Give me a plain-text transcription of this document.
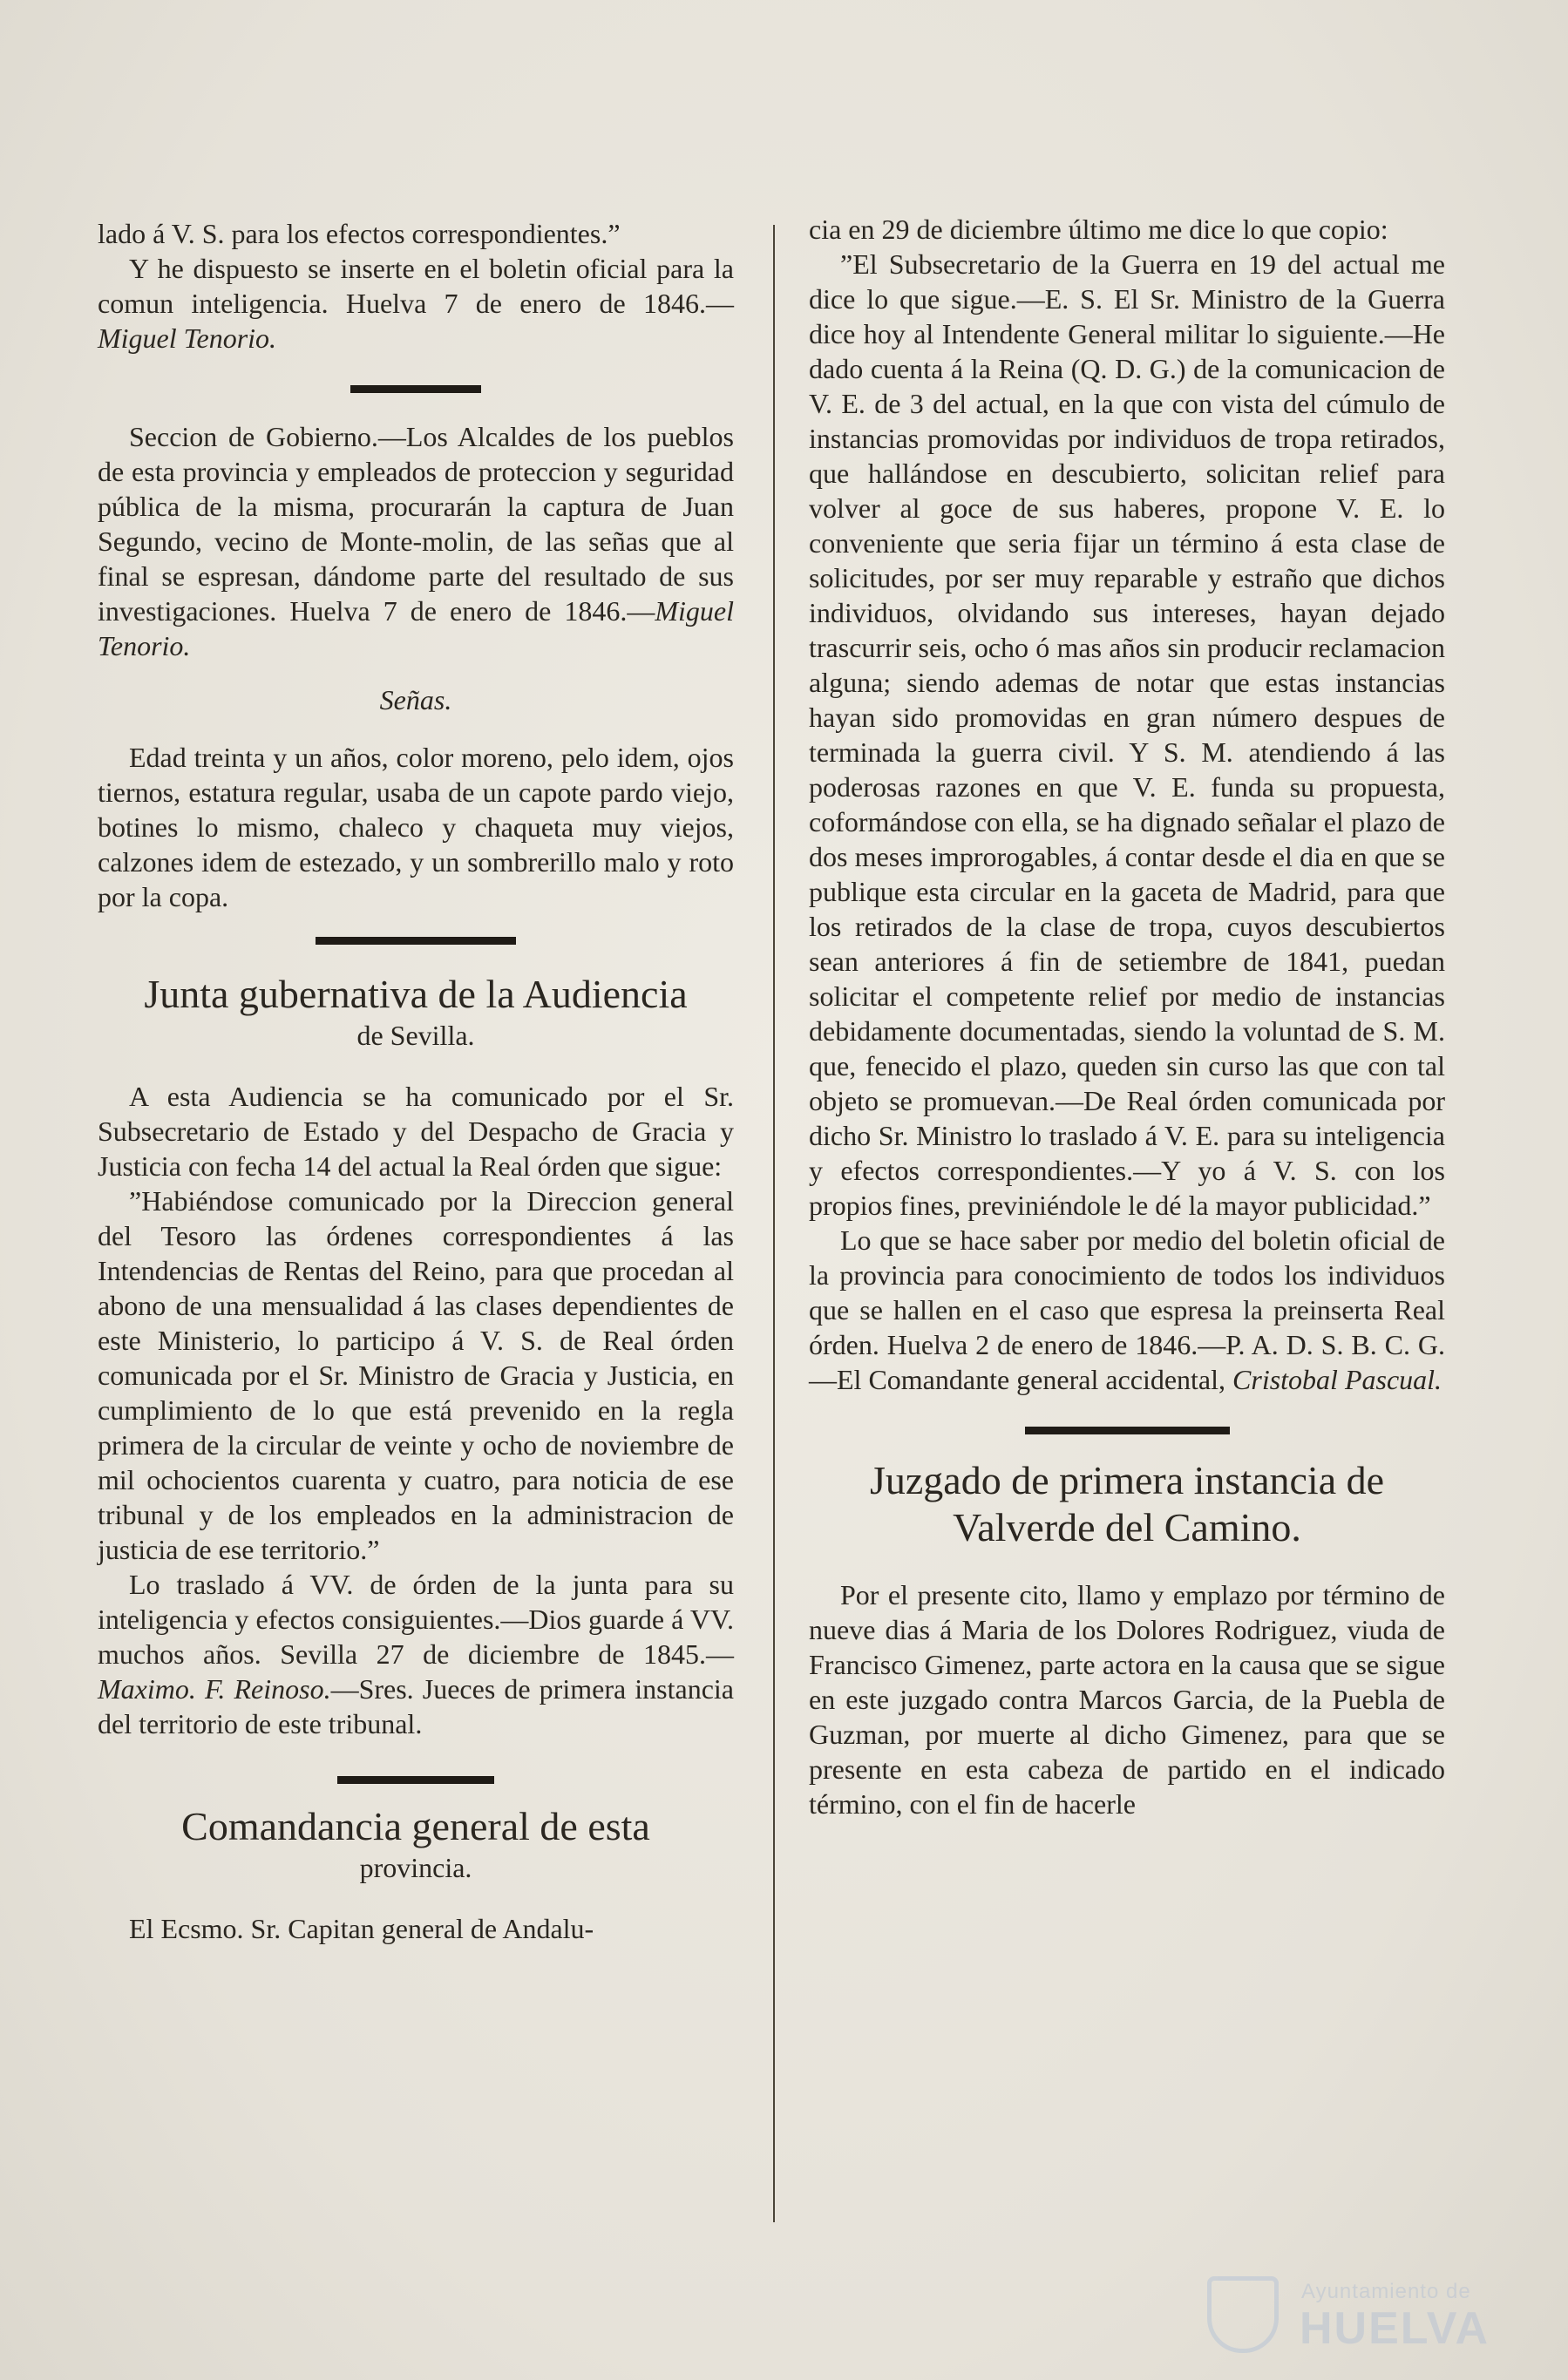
lado á V. S. para los efectos correspondientes.”

Y he dispuesto se inserte en el boletin oficial para la comun inteligencia. Huelva 7 de enero de 1846.—Miguel Tenorio.

Seccion de Gobierno.—Los Alcaldes de los pueblos de esta provincia y empleados de proteccion y seguridad pública de la misma, procurarán la captura de Juan Segundo, vecino de Monte-molin, de las señas que al final se espresan, dándome parte del resultado de sus investigaciones. Huelva 7 de enero de 1846.—Miguel Tenorio.

Señas.

Edad treinta y un años, color moreno, pelo idem, ojos tiernos, estatura regular, usaba de un capote pardo viejo, botines lo mismo, chaleco y chaqueta muy viejos, calzones idem de estezado, y un sombrerillo malo y roto por la copa.

Junta gubernativa de la Audiencia

de Sevilla.

A esta Audiencia se ha comunicado por el Sr. Subsecretario de Estado y del Despacho de Gracia y Justicia con fecha 14 del actual la Real órden que sigue:

”Habiéndose comunicado por la Direccion general del Tesoro las órdenes correspondientes á las Intendencias de Rentas del Reino, para que procedan al abono de una mensualidad á las clases dependientes de este Ministerio, lo participo á V. S. de Real órden comunicada por el Sr. Ministro de Gracia y Justicia, en cumplimiento de lo que está prevenido en la regla primera de la circular de veinte y ocho de noviembre de mil ochocientos cuarenta y cuatro, para noticia de ese tribunal y de los empleados en la administracion de justicia de ese territorio.”

Lo traslado á VV. de órden de la junta para su inteligencia y efectos consiguientes.—Dios guarde á VV. muchos años. Sevilla 27 de diciembre de 1845.—Maximo. F. Reinoso.—Sres. Jueces de primera instancia del territorio de este tribunal.

Comandancia general de esta

provincia.

El Ecsmo. Sr. Capitan general de Andalu-

cia en 29 de diciembre último me dice lo que copio:

”El Subsecretario de la Guerra en 19 del actual me dice lo que sigue.—E. S. El Sr. Ministro de la Guerra dice hoy al Intendente General militar lo siguiente.—He dado cuenta á la Reina (Q. D. G.) de la comunicacion de V. E. de 3 del actual, en la que con vista del cúmulo de instancias promovidas por individuos de tropa retirados, que hallándose en descubierto, solicitan relief para volver al goce de sus haberes, propone V. E. lo conveniente que seria fijar un término á esta clase de solicitudes, por ser muy reparable y estraño que dichos individuos, olvidando sus intereses, hayan dejado trascurrir seis, ocho ó mas años sin producir reclamacion alguna; siendo ademas de notar que estas instancias hayan sido promovidas en gran número despues de terminada la guerra civil. Y S. M. atendiendo á las poderosas razones en que V. E. funda su propuesta, coformándose con ella, se ha dignado señalar el plazo de dos meses improrogables, á contar desde el dia en que se publique esta circular en la gaceta de Madrid, para que los retirados de la clase de tropa, cuyos descubiertos sean anteriores á fin de setiembre de 1841, puedan solicitar el competente relief por medio de instancias debidamente documentadas, siendo la voluntad de S. M. que, fenecido el plazo, queden sin curso las que con tal objeto se promuevan.—De Real órden comunicada por dicho Sr. Ministro lo traslado á V. E. para su inteligencia y efectos correspondientes.—Y yo á V. S. con los propios fines, previniéndole le dé la mayor publicidad.”

Lo que se hace saber por medio del boletin oficial de la provincia para conocimiento de todos los individuos que se hallen en el caso que espresa la preinserta Real órden. Huelva 2 de enero de 1846.—P. A. D. S. B. C. G. —El Comandante general accidental, Cristobal Pascual.

Juzgado de primera instancia de
Valverde del Camino.

Por el presente cito, llamo y emplazo por término de nueve dias á Maria de los Dolores Rodriguez, viuda de Francisco Gimenez, parte actora en la causa que se sigue en este juzgado contra Marcos Garcia, de la Puebla de Guzman, por muerte al dicho Gimenez, para que se presente en esta cabeza de partido en el indicado término, con el fin de hacerle

Ayuntamiento de
HUELVA
